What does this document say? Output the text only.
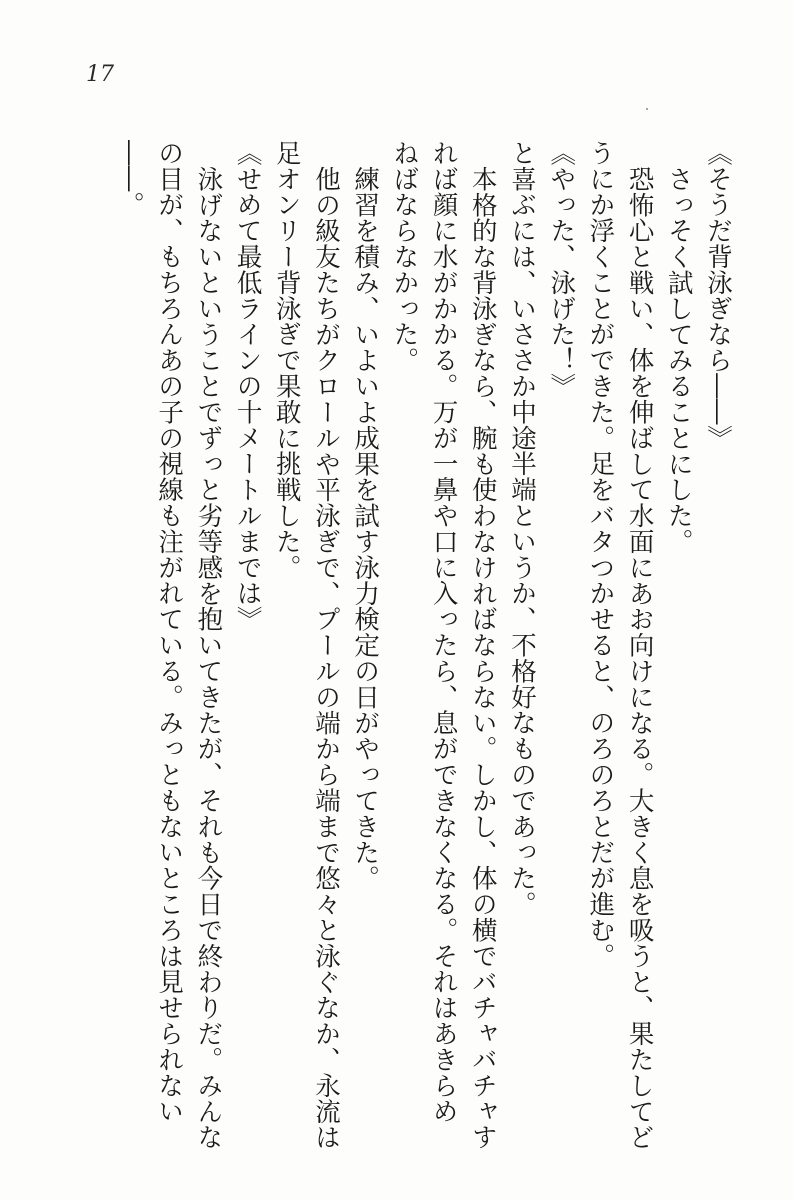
17

《そうだ背泳ぎなら――》

さっそく試してみることにした。

恐怖心と戦い、体を伸ばして水面にあお向けになる。大きく息を吸うと、果たしてどうにか浮くことができた。足をバタつかせると、のろのろとだが進む。

《やった、泳げた！》

と喜ぶには、いささか中途半端というか、不格好なものであった。

本格的な背泳ぎなら、腕も使わなければならない。しかし、体の横でバチャバチャすれば顔に水がかかる。万が一鼻や口に入ったら、息ができなくなる。それはあきらめねばならなかった。

練習を積み、いよいよ成果を試す泳力検定の日がやってきた。

他の級友たちがクロールや平泳ぎで、プールの端から端まで悠々と泳ぐなか、永流は足オンリー背泳ぎで果敢に挑戦した。

《せめて最低ラインの十メートルまでは》

泳げないということでずっと劣等感を抱いてきたが、それも今日で終わりだ。みんなの目が、もちろんあの子の視線も注がれている。みっともないところは見せられない――。
